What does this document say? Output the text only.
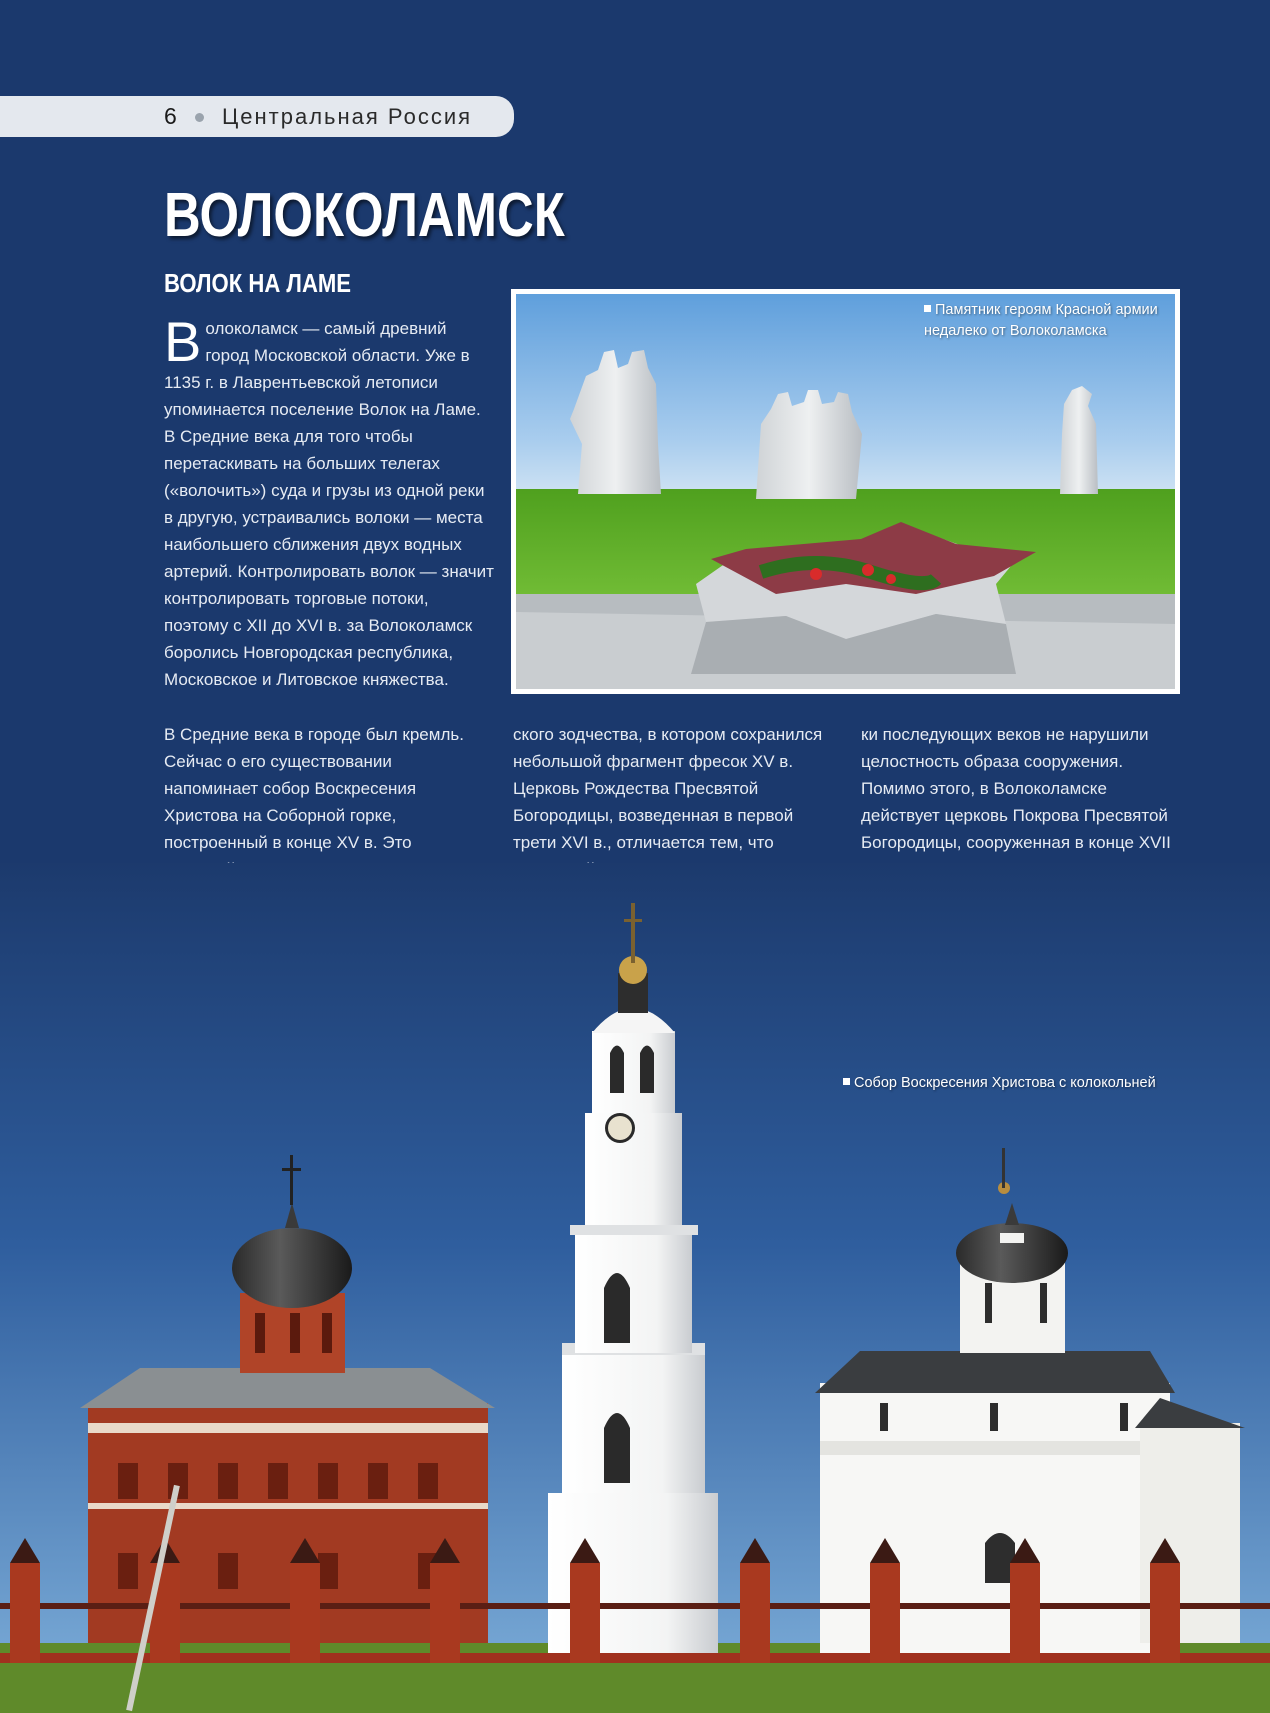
6 Центральная Россия
ВОЛОКОЛАМСК
ВОЛОК НА ЛАМЕ

Волоколамск — самый древний город Московской области. Уже в 1135 г. в Лаврентьевской летописи упоминается поселение Волок на Ламе. В Средние века для того чтобы перетаскивать на больших телегах («волочить») суда и грузы из одной реки в другую, устраивались волоки — места наибольшего сближения двух водных артерий. Контролировать волок — значит контролировать торговые потоки, поэтому с XII до XVI в. за Волоколамск боролись Новгородская республика, Московское и Литовское княжества.

Памятник героям Красной армии недалеко от Волоколамска

В Средние века в городе был кремль. Сейчас о его существовании напоминает собор Воскресения Христова на Соборной горке, построенный в конце XV в. Это

ского зодчества, в котором сохранился небольшой фрагмент фресок XV в. Церковь Рождества Пресвятой Богородицы, возведенная в первой трети XVI в., отличается тем, что

ки последующих веков не нарушили целостность образа сооружения. Помимо этого, в Волоколамске действует церковь Покрова Пресвятой Богородицы, сооруженная в конце XVII

Собор Воскресения Христова с колокольней
